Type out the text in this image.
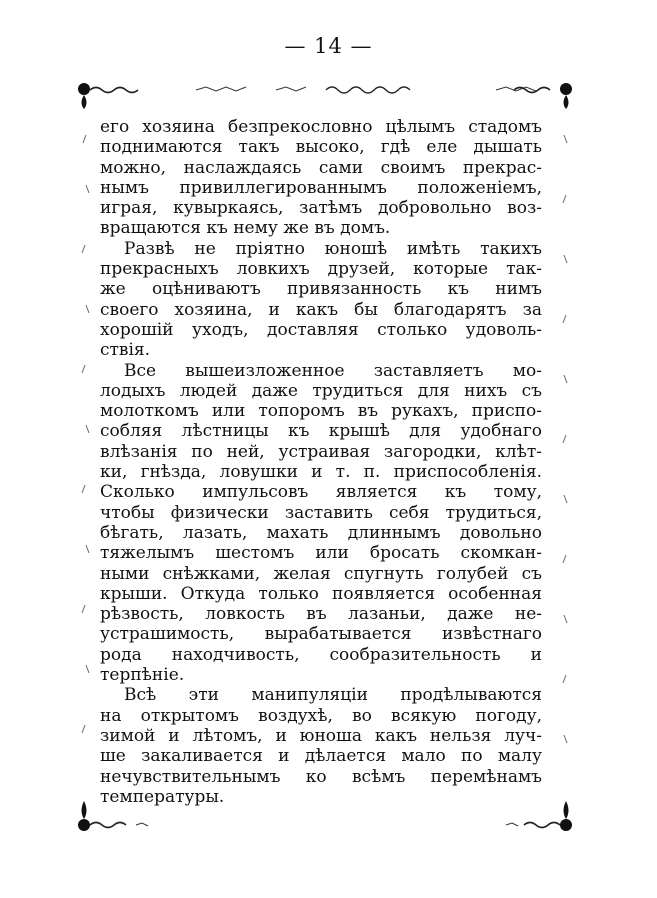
— 14 —
его хозяина безпрекословно цѣлымъ стадомъ
поднимаются такъ высоко, гдѣ еле дышать
можно, наслаждаясь сами своимъ прекрас-
нымъ привиллегированнымъ положенiемъ,
играя, кувыркаясь, затѣмъ добровольно воз-
вращаются къ нему же въ домъ.
Развѣ не прiятно юношѣ имѣть такихъ
прекрасныхъ ловкихъ друзей, которые так-
же оцѣниваютъ привязанность къ нимъ
своего хозяина, и какъ бы благодарятъ за
хорошiй уходъ, доставляя столько удоволь-
ствiя.
Все вышеизложенное заставляетъ мо-
лодыхъ людей даже трудиться для нихъ съ
молоткомъ или топоромъ въ рукахъ, приспо-
собляя лѣстницы къ крышѣ для удобнаго
влѣзанiя по ней, устраивая загородки, клѣт-
ки, гнѣзда, ловушки и т. п. приспособленiя.
Сколько импульсовъ является къ тому,
чтобы физически заставить себя трудиться,
бѣгать, лазать, махать длиннымъ довольно
тяжелымъ шестомъ или бросать скомкан-
ными снѣжками, желая спугнуть голубей съ
крыши. Откуда только появляется особенная
рѣзвость, ловкость въ лазаньи, даже не-
устрашимость, вырабатывается извѣстнаго
рода находчивость, сообразительность и
терпѣнiе.
Всѣ эти манипуляцiи продѣлываются
на открытомъ воздухѣ, во всякую погоду,
зимой и лѣтомъ, и юноша какъ нельзя луч-
ше закаливается и дѣлается мало по малу
нечувствительнымъ ко всѣмъ перемѣнамъ
температуры.
